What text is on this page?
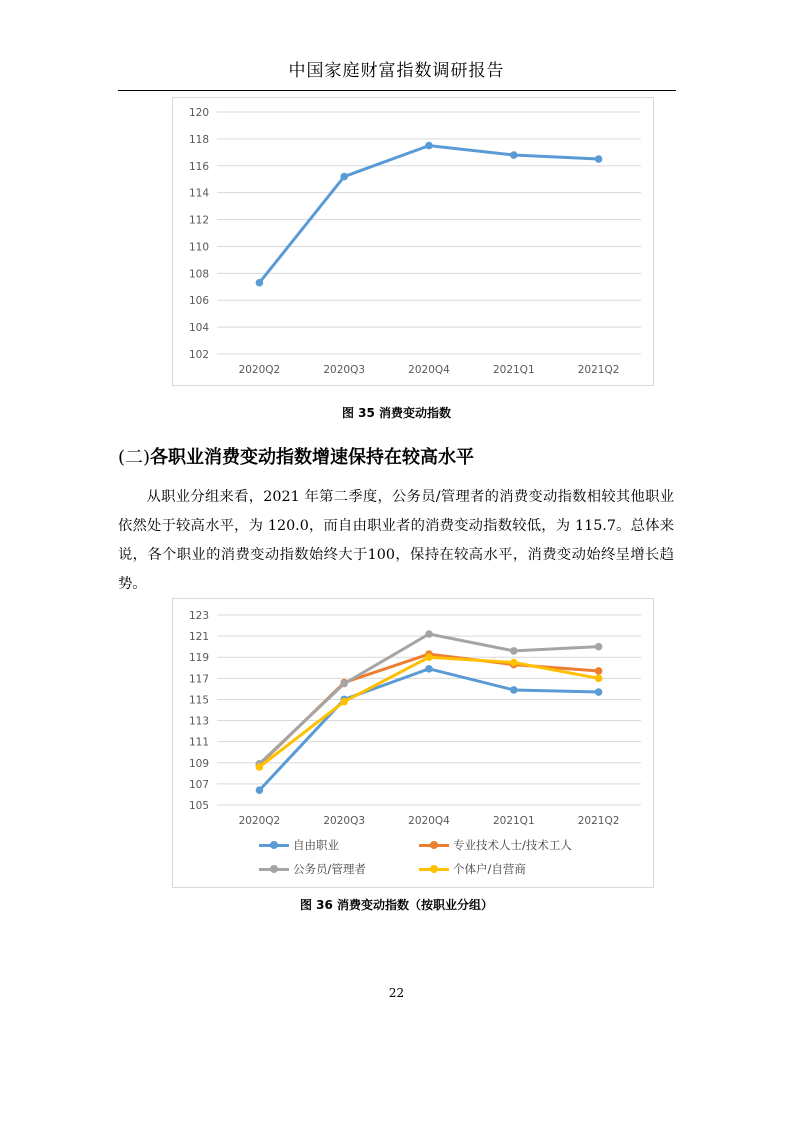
中国家庭财富指数调研报告
102
104
106
108
110
112
114
116
118
120
2020Q2	2020Q3	2020Q4	2021Q1	2021Q2
图 35 消费变动指数
(二)各职业消费变动指数增速保持在较高水平
从职业分组来看，2021 年第二季度，公务员/管理者的消费变动指数相较其他职业依然处于较高水平，为 120.0，而自由职业者的消费变动指数较低，为 115.7。总体来说，各个职业的消费变动指数始终大于100，保持在较高水平，消费变动始终呈增长趋势。
105
107
109
111
113
115
117
119
121
123
2020Q2	2020Q3	2020Q4	2021Q1	2021Q2
自由职业	专业技术人士/技术工人
公务员/管理者	个体户/自营商
图 36 消费变动指数（按职业分组）
22
